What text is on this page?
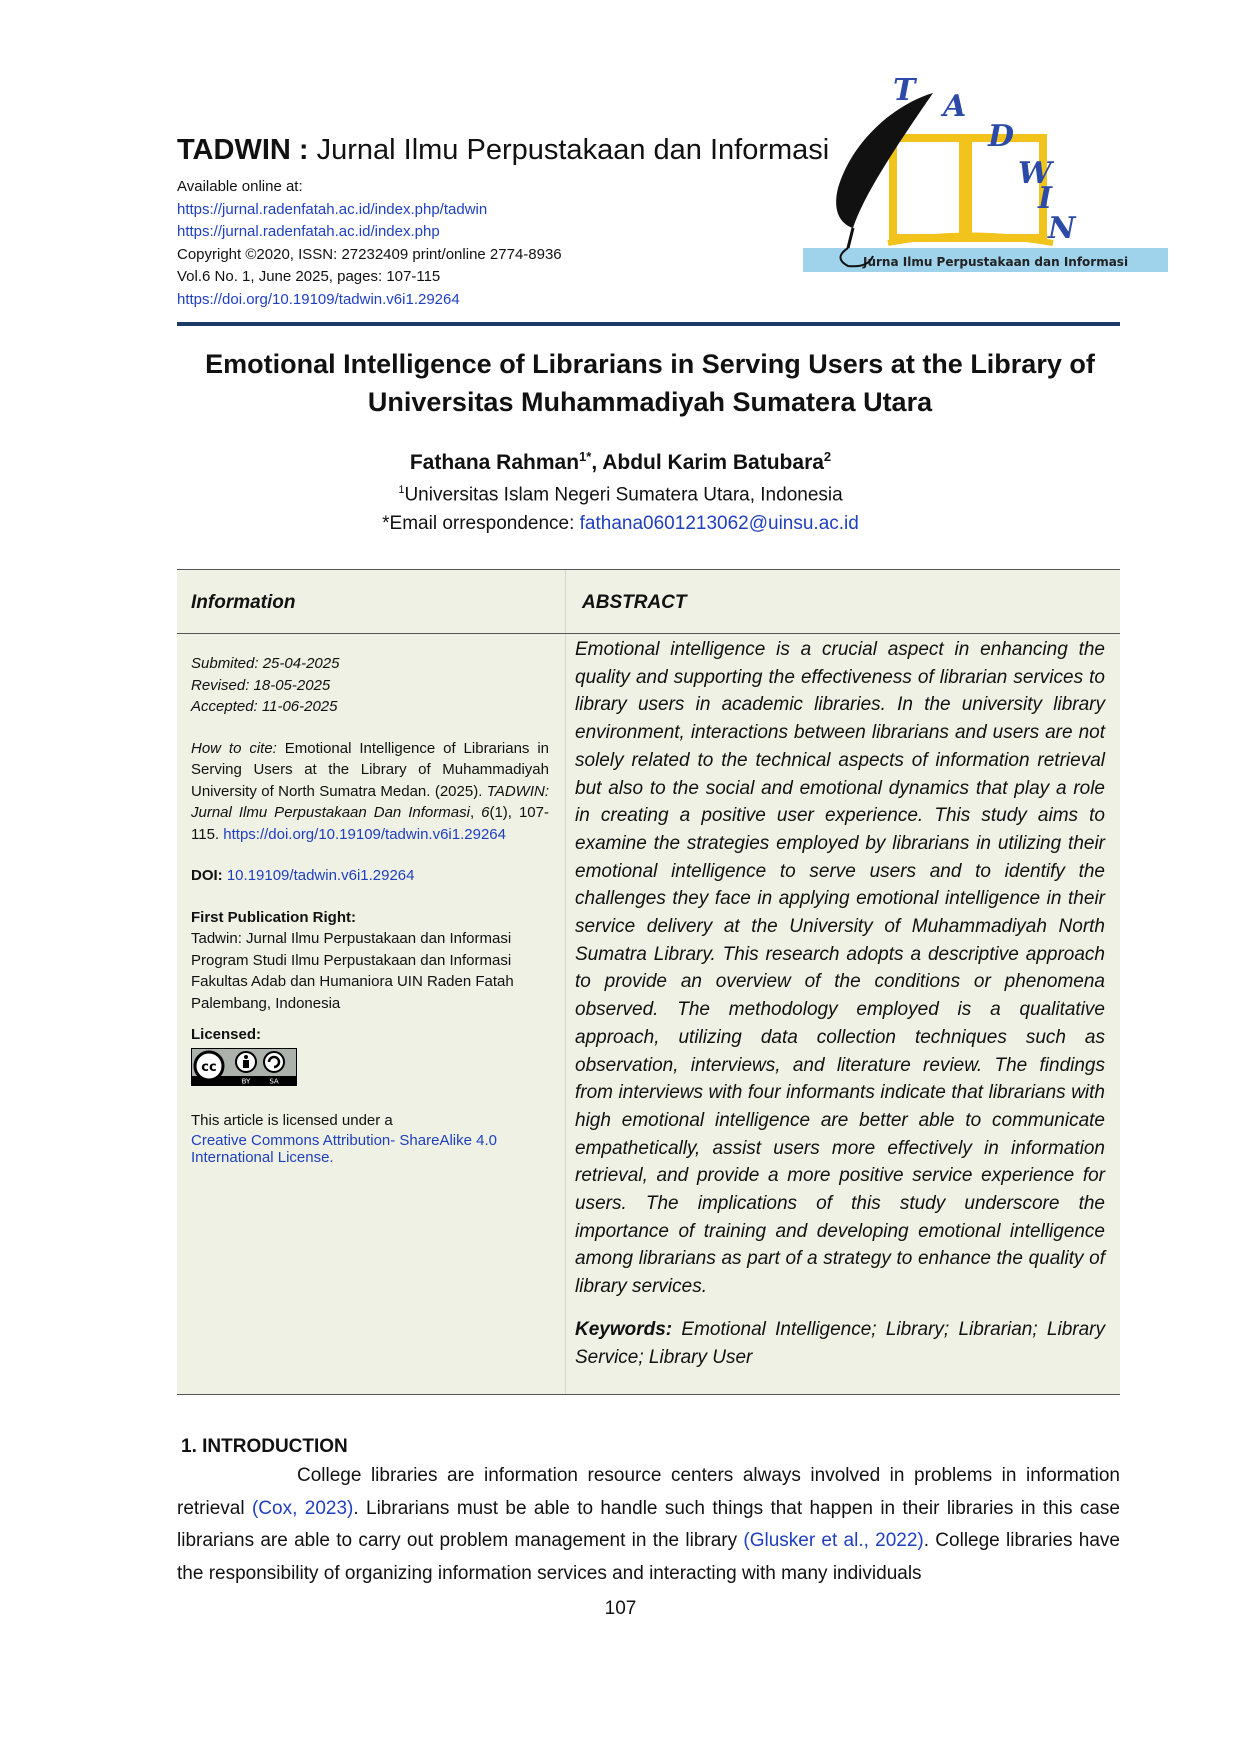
TADWIN : Jurnal Ilmu Perpustakaan dan Informasi
Available online at:
https://jurnal.radenfatah.ac.id/index.php/tadwin
https://jurnal.radenfatah.ac.id/index.php
Copyright ©2020, ISSN: 27232409 print/online 2774-8936
Vol.6 No. 1, June 2025, pages: 107-115
https://doi.org/10.19109/tadwin.v6i1.29264
Jurna Ilmu Perpustakaan dan Informasi
T A
D
W
I
N
Emotional Intelligence of Librarians in Serving Users at the Library of
Universitas Muhammadiyah Sumatera Utara
Fathana Rahman$^{1*}$, Abdul Karim Batubara$^2$
$^1$Universitas Islam Negeri Sumatera Utara, Indonesia
*Email orrespondence: fathana0601213062@uinsu.ac.id
Information	ABSTRACT
Submited: 25-04-2025
Revised: 18-05-2025
Accepted: 11-06-2025
How to cite: Emotional Intelligence of Librarians in Serving Users at the Library of Muhammadiyah University of North Sumatra Medan. (2025). TADWIN: Jurnal Ilmu Perpustakaan Dan Informasi, 6(1), 107-115. https://doi.org/10.19109/tadwin.v6i1.29264
DOI: 10.19109/tadwin.v6i1.29264
First Publication Right:
Tadwin: Jurnal Ilmu Perpustakaan dan Informasi
Program Studi Ilmu Perpustakaan dan Informasi
Fakultas Adab dan Humaniora UIN Raden Fatah
Palembang, Indonesia
Licensed:
cc
BY	SA
This article is licensed under a
Creative Commons Attribution- ShareAlike 4.0
International License.
Emotional intelligence is a crucial aspect in enhancing the quality and supporting the effectiveness of librarian services to library users in academic libraries. In the university library environment, interactions between librarians and users are not solely related to the technical aspects of information retrieval but also to the social and emotional dynamics that play a role in creating a positive user experience. This study aims to examine the strategies employed by librarians in utilizing their emotional intelligence to serve users and to identify the challenges they face in applying emotional intelligence in their service delivery at the University of Muhammadiyah North Sumatra Library. This research adopts a descriptive approach to provide an overview of the conditions or phenomena observed. The methodology employed is a qualitative approach, utilizing data collection techniques such as observation, interviews, and literature review. The findings from interviews with four informants indicate that librarians with high emotional intelligence are better able to communicate empathetically, assist users more effectively in information retrieval, and provide a more positive service experience for users. The implications of this study underscore the importance of training and developing emotional intelligence among librarians as part of a strategy to enhance the quality of library services.
Keywords: Emotional Intelligence; Library; Librarian; Library Service; Library User
1. INTRODUCTION
College libraries are information resource centers always involved in problems in information retrieval (Cox, 2023). Librarians must be able to handle such things that happen in their libraries in this case librarians are able to carry out problem management in the library (Glusker et al., 2022). College libraries have the responsibility of organizing information services and interacting with many individuals
107
